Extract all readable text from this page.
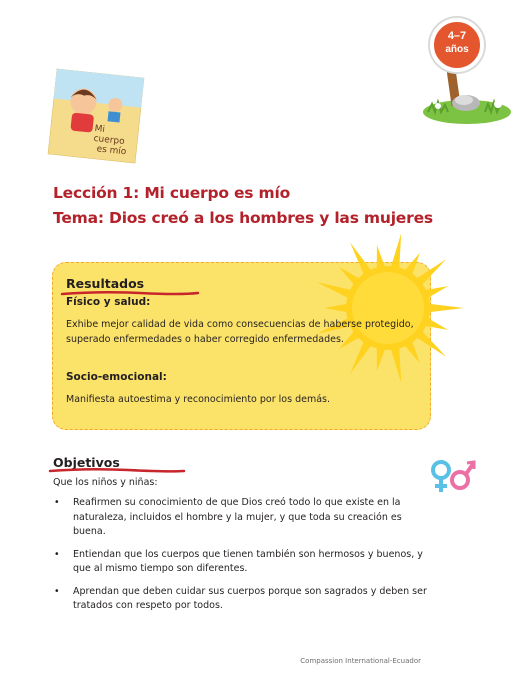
4–7
años
Mi
cuerpo
es mío
Lección 1: Mi cuerpo es mío
Tema: Dios creó a los hombres y las mujeres
Resultados
Físico y salud:
Exhibe mejor calidad de vida como consecuencias de haberse protegido, superado enfermedades o haber corregido enfermedades.
Socio-emocional:
Manifiesta autoestima y reconocimiento por los demás.
Objetivos
Que los niños y niñas:
• Reafirmen su conocimiento de que Dios creó todo lo que existe en la naturaleza, incluidos el hombre y la mujer, y que toda su creación es buena.
• Entiendan que los cuerpos que tienen también son hermosos y buenos, y que al mismo tiempo son diferentes.
• Aprendan que deben cuidar sus cuerpos porque son sagrados y deben ser tratados con respeto por todos.
Compassion International-Ecuador
